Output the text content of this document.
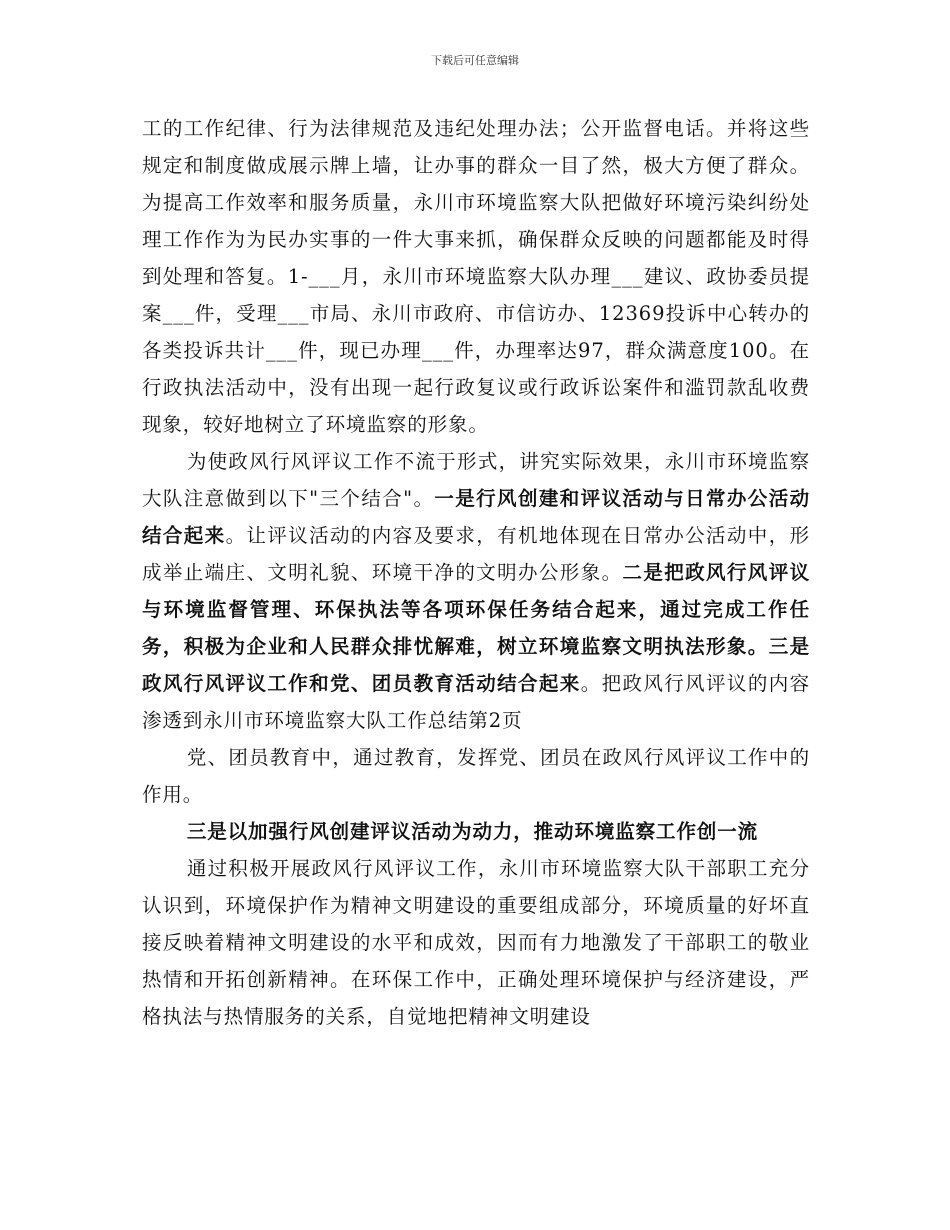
下载后可任意编辑

工的工作纪律、行为法律规范及违纪处理办法；公开监督电话。并将这些规定和制度做成展示牌上墙，让办事的群众一目了然，极大方便了群众。为提高工作效率和服务质量，永川市环境监察大队把做好环境污染纠纷处理工作作为为民办实事的一件大事来抓，确保群众反映的问题都能及时得到处理和答复。1-___月，永川市环境监察大队办理___建议、政协委员提案___件，受理___市局、永川市政府、市信访办、12369投诉中心转办的各类投诉共计___件，现已办理___件，办理率达97，群众满意度100。在行政执法活动中，没有出现一起行政复议或行政诉讼案件和滥罚款乱收费现象，较好地树立了环境监察的形象。

为使政风行风评议工作不流于形式，讲究实际效果，永川市环境监察大队注意做到以下"三个结合"。一是行风创建和评议活动与日常办公活动结合起来。让评议活动的内容及要求，有机地体现在日常办公活动中，形成举止端庄、文明礼貌、环境干净的文明办公形象。二是把政风行风评议与环境监督管理、环保执法等各项环保任务结合起来，通过完成工作任务，积极为企业和人民群众排忧解难，树立环境监察文明执法形象。三是政风行风评议工作和党、团员教育活动结合起来。把政风行风评议的内容渗透到永川市环境监察大队工作总结第2页

党、团员教育中，通过教育，发挥党、团员在政风行风评议工作中的作用。

三是以加强行风创建评议活动为动力，推动环境监察工作创一流

通过积极开展政风行风评议工作，永川市环境监察大队干部职工充分认识到，环境保护作为精神文明建设的重要组成部分，环境质量的好坏直接反映着精神文明建设的水平和成效，因而有力地激发了干部职工的敬业热情和开拓创新精神。在环保工作中，正确处理环境保护与经济建设，严格执法与热情服务的关系，自觉地把精神文明建设
